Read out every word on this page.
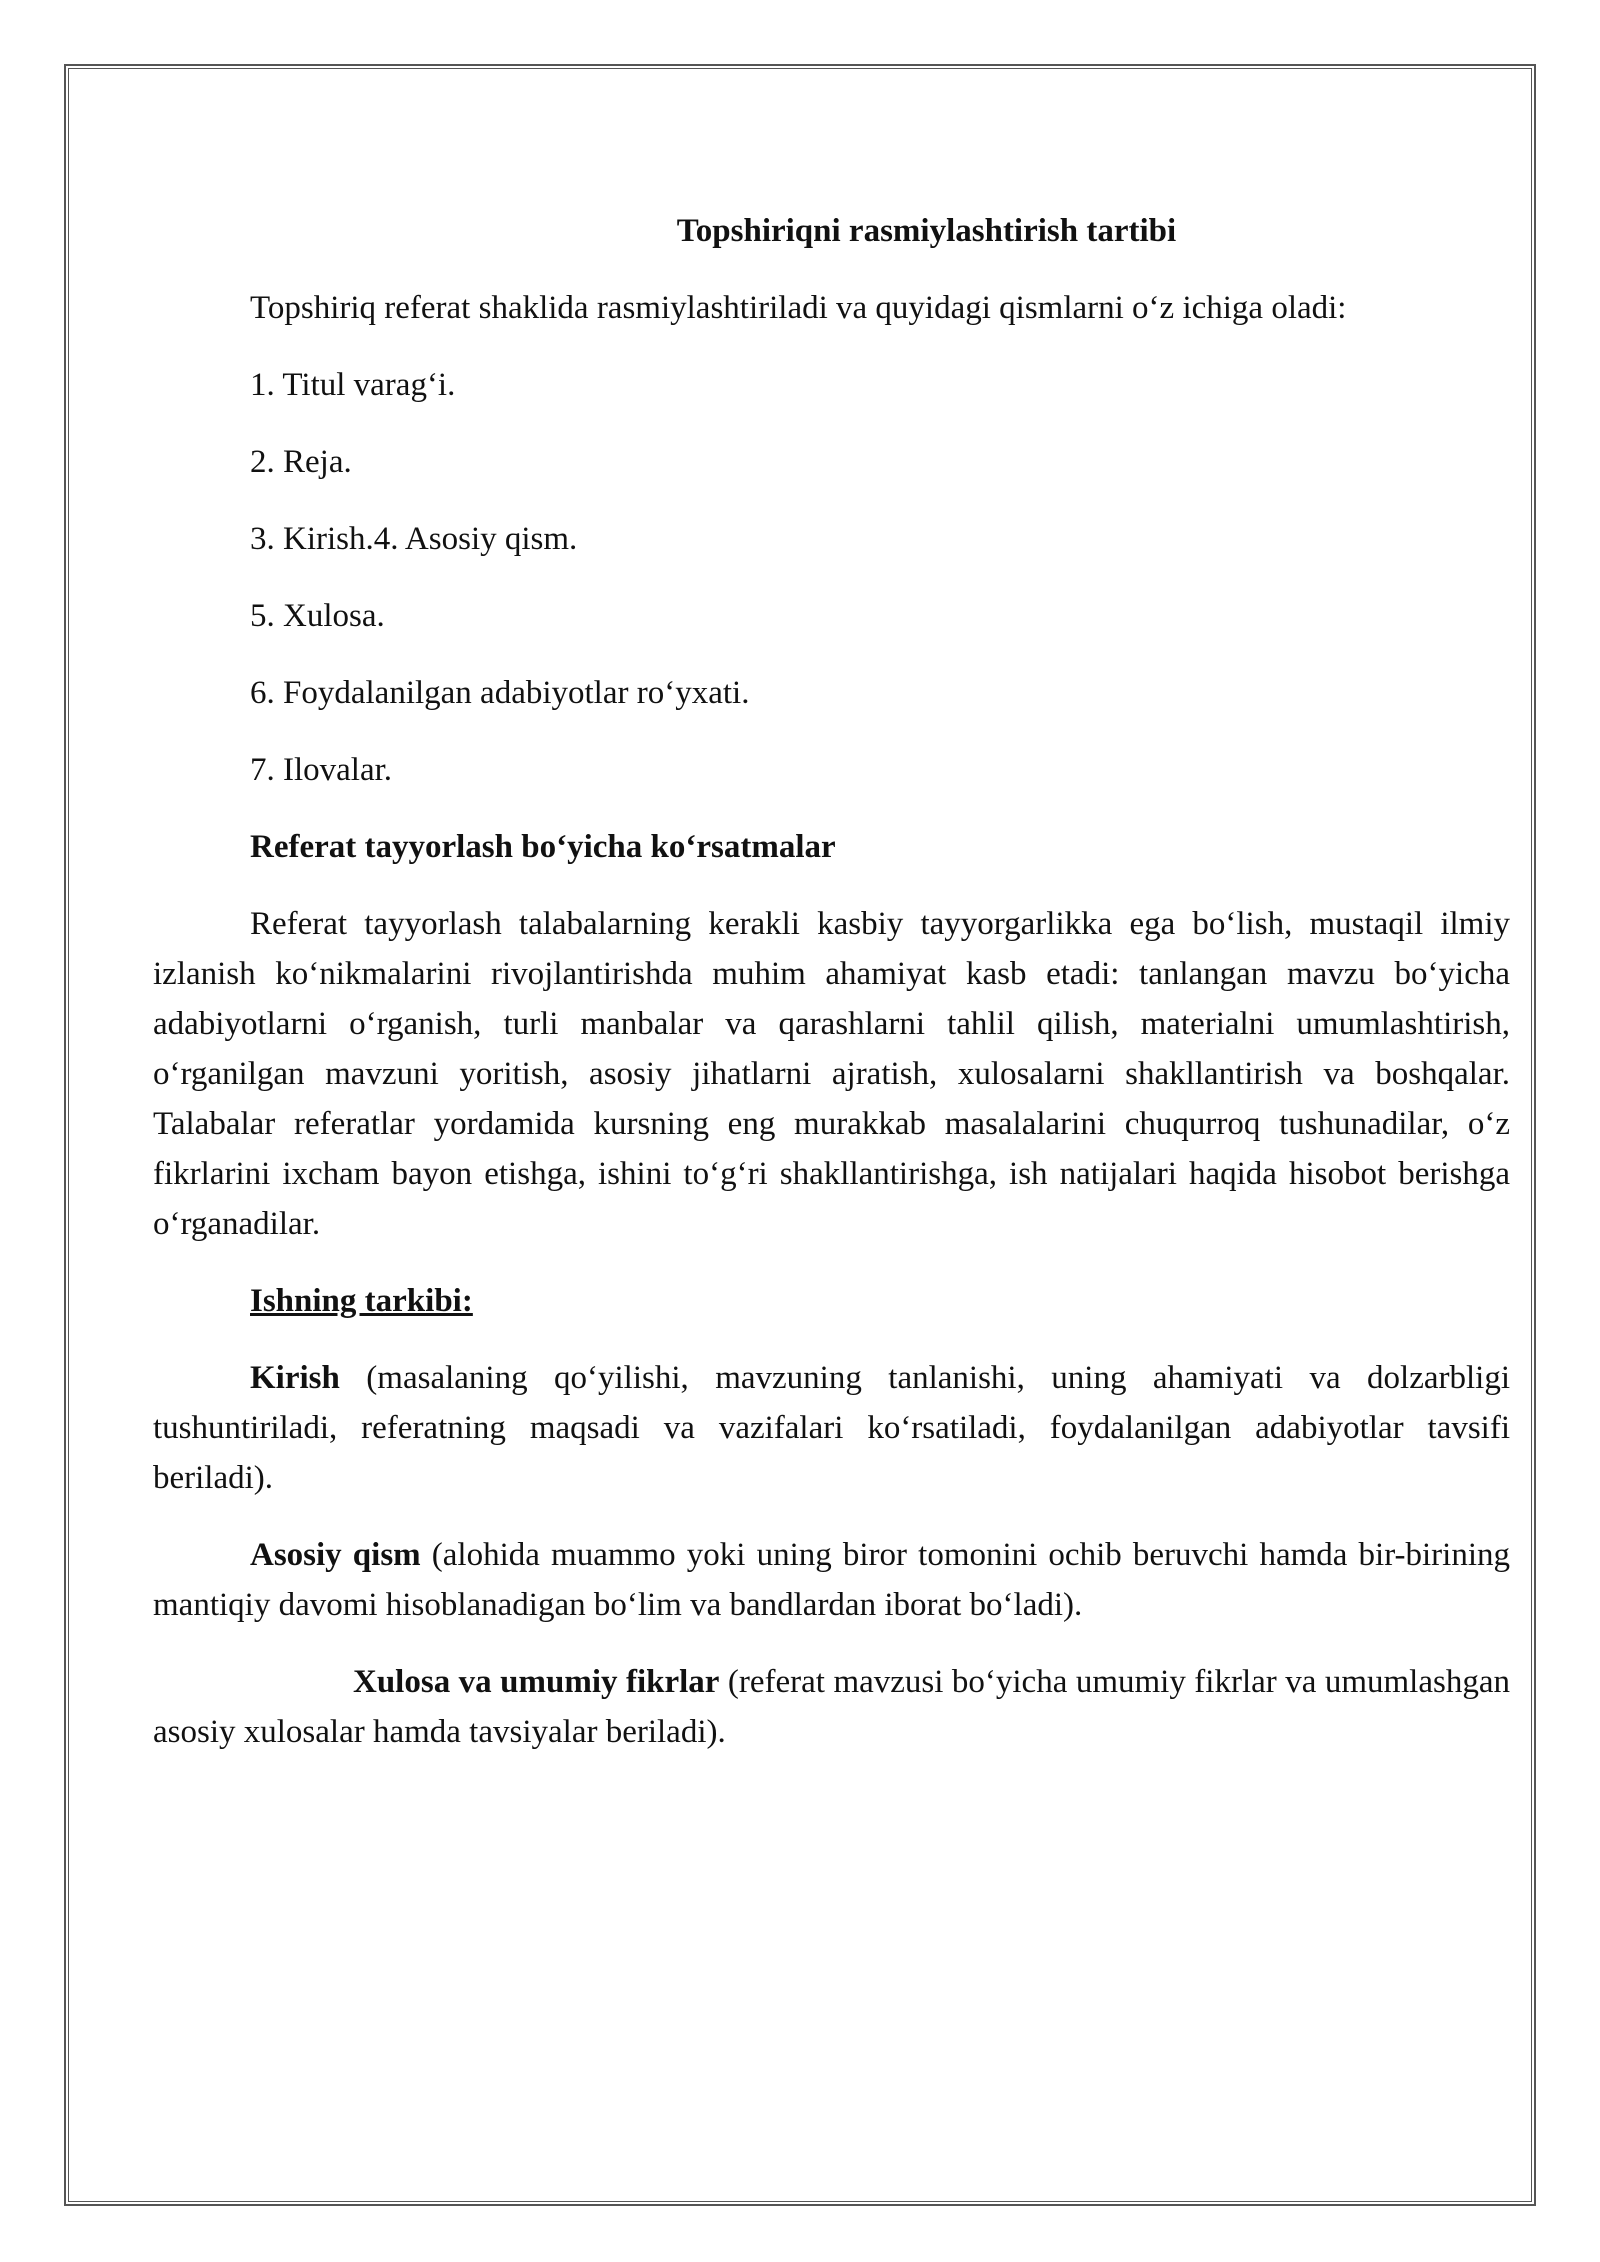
Topshiriqni rasmiylashtirish tartibi

Topshiriq referat shaklida rasmiylashtiriladi va quyidagi qismlarni o‘z ichiga oladi:

1. Titul varag‘i.

2. Reja.

3. Kirish.4. Asosiy qism.

5. Xulosa.

6. Foydalanilgan adabiyotlar ro‘yxati.

7. Ilovalar.

Referat tayyorlash bo‘yicha ko‘rsatmalar

Referat tayyorlash talabalarning kerakli kasbiy tayyorgarlikka ega bo‘lish, mustaqil ilmiy izlanish ko‘nikmalarini rivojlantirishda muhim ahamiyat kasb etadi: tanlangan mavzu bo‘yicha adabiyotlarni o‘rganish, turli manbalar va qarashlarni tahlil qilish, materialni umumlashtirish, o‘rganilgan mavzuni yoritish, asosiy jihatlarni ajratish, xulosalarni shakllantirish va boshqalar. Talabalar referatlar yordamida kursning eng murakkab masalalarini chuqurroq tushunadilar, o‘z fikrlarini ixcham bayon etishga, ishini to‘g‘ri shakllantirishga, ish natijalari haqida hisobot berishga o‘rganadilar.

Ishning tarkibi:

Kirish (masalaning qo‘yilishi, mavzuning tanlanishi, uning ahamiyati va dolzarbligi tushuntiriladi, referatning maqsadi va vazifalari ko‘rsatiladi, foydalanilgan adabiyotlar tavsifi beriladi).

Asosiy qism (alohida muammo yoki uning biror tomonini ochib beruvchi hamda bir-birining mantiqiy davomi hisoblanadigan bo‘lim va bandlardan iborat bo‘ladi).

Xulosa va umumiy fikrlar (referat mavzusi bo‘yicha umumiy fikrlar va umumlashgan asosiy xulosalar hamda tavsiyalar beriladi).
